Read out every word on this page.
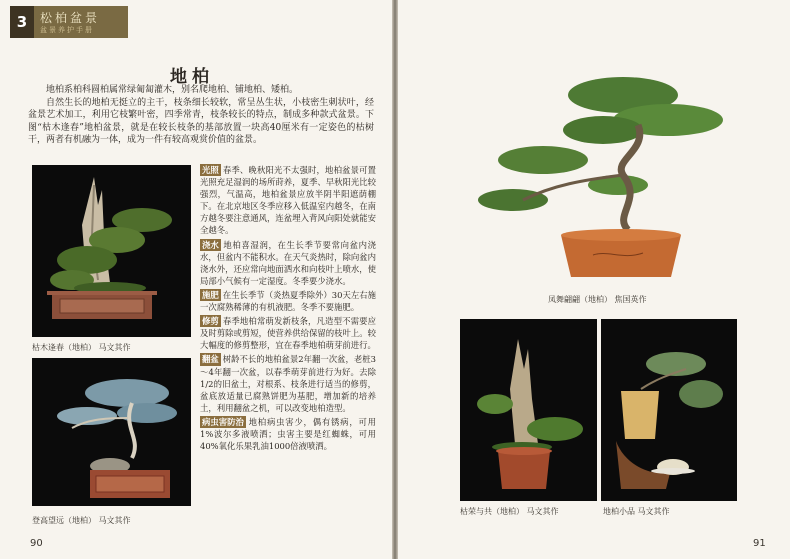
3	松柏盆景
盆景养护手册
地柏

地柏系柏科圆柏属常绿匍匐灌木，别名爬地柏、铺地柏、矮柏。

自然生长的地柏无挺立的主干，枝条细长较软，常呈丛生状，小枝密生刺状叶，经盆景艺术加工，利用它枝繁叶密，四季常青，枝条较长的特点，制成多种款式盆景。下图“枯木逢春”地柏盆景，就是在较长枝条的基部放置一块高40厘米有一定姿色的枯树干，两者有机融为一体，成为一件有较高观赏价值的盆景。

枯木逢春（地柏） 马文其作
登高望远（地柏） 马文其作

光照 春季、晚秋阳光不太强时，地柏盆景可置光照充足湿润的场所莳养，夏季、早秋阳光比较强烈，气温高，地柏盆景应放半阴半阳遮荫棚下。在北京地区冬季应移入低温室内越冬，在南方越冬要注意通风，连盆埋入背风向阳处就能安全越冬。

浇水 地柏喜湿润，在生长季节要常向盆内浇水，但盆内不能积水。在天气炎热时，除向盆内浇水外，还应常向地面洒水和向枝叶上喷水，使局部小气候有一定湿度。冬季要少浇水。

施肥 在生长季节（炎热夏季除外）30天左右施一次腐熟稀薄的有机液肥。冬季不要施肥。

修剪 春季地柏常萌发新枝条，凡造型不需要应及时剪除或剪短，使营养供给保留的枝叶上。较大幅度的修剪整形，宜在春季地柏萌芽前进行。

翻盆 树龄不长的地柏盆景2年翻一次盆，老桩3～4年翻一次盆，以春季萌芽前进行为好。去除1/2的旧盆土，对根系、枝条进行适当的修剪，盆底放适量已腐熟饼肥为基肥，增加新的培养土，利用翻盆之机，可以改变地柏造型。

病虫害防治 地柏病虫害少，偶有锈病，可用1%波尔多液喷洒；虫害主要是红蜘蛛，可用40%氧化乐果乳油1000倍液喷洒。

90
凤舞翩翩（地柏） 焦国英作
枯荣与共（地柏） 马文其作	地柏小品 马文其作
91
